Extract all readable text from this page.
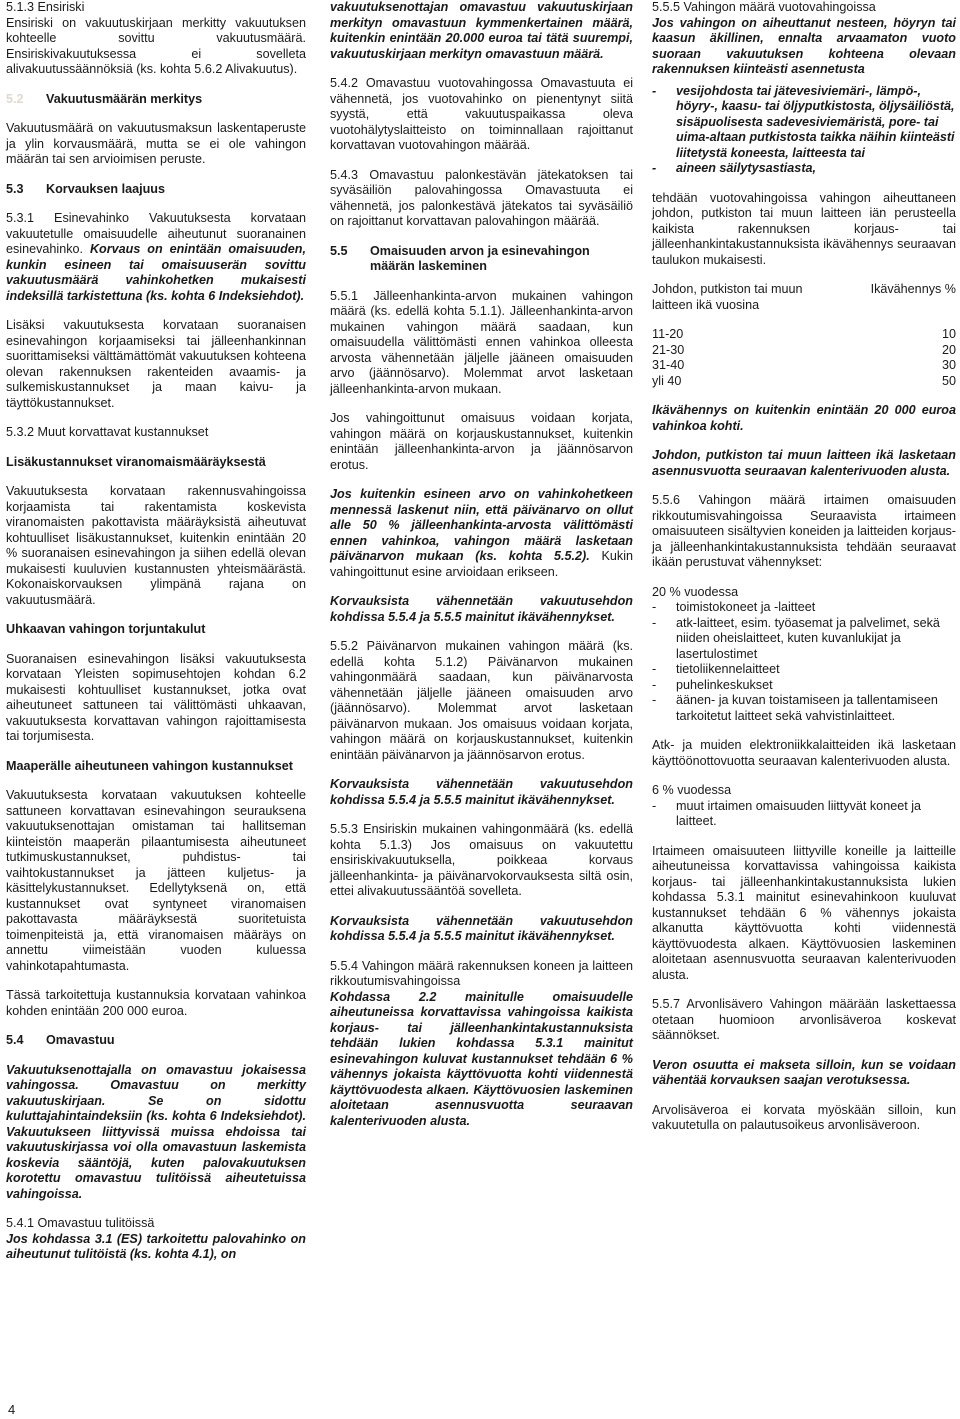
5.1.3 Ensiriski
Ensiriski on vakuutuskirjaan merkitty vakuutuksen kohteelle sovittu vakuutusmäärä. Ensiriskivakuutuksessa ei sovelleta alivakuutussäännöksiä (ks. kohta 5.6.2 Alivakuutus).

5.2	Vakuutusmäärän merkitys

Vakuutusmäärä on vakuutusmaksun laskentaperuste ja ylin korvausmäärä, mutta se ei ole vahingon määrän tai sen arvioimisen peruste.

5.3	Korvauksen laajuus

5.3.1 Esinevahinko Vakuutuksesta korvataan vakuutetulle omaisuudelle aiheutunut suoranainen esinevahinko. Korvaus on enintään omaisuuden, kunkin esineen tai omaisuuserän sovittu vakuutusmäärä vahinkohetken mukaisesti indeksillä tarkistettuna (ks. kohta 6 Indeksiehdot).

Lisäksi vakuutuksesta korvataan suoranaisen esinevahingon korjaamiseksi tai jälleenhankinnan suorittamiseksi välttämättömät vakuutuksen kohteena olevan rakennuksen rakenteiden avaamis- ja sulkemiskustannukset ja maan kaivu- ja täyttökustannukset.

5.3.2 Muut korvattavat kustannukset

Lisäkustannukset viranomaismääräyksestä

Vakuutuksesta korvataan rakennusvahingoissa korjaamista tai rakentamista koskevista viranomaisten pakottavista määräyksistä aiheutuvat kohtuulliset lisäkustannukset, kuitenkin enintään 20 % suoranaisen esinevahingon ja siihen edellä olevan mukaisesti kuuluvien kustannusten yhteismäärästä. Kokonaiskorvauksen ylimpänä rajana on vakuutusmäärä.

Uhkaavan vahingon torjuntakulut

Suoranaisen esinevahingon lisäksi vakuutuksesta korvataan Yleisten sopimusehtojen kohdan 6.2 mukaisesti kohtuulliset kustannukset, jotka ovat aiheutuneet sattuneen tai välittömästi uhkaavan, vakuutuksesta korvattavan vahingon rajoittamisesta tai torjumisesta.

Maaperälle aiheutuneen vahingon kustannukset

Vakuutuksesta korvataan vakuutuksen kohteelle sattuneen korvattavan esinevahingon seurauksena vakuutuksenottajan omistaman tai hallitseman kiinteistön maaperän pilaantumisesta aiheutuneet tutkimuskustannukset, puhdistus- tai vaihtokustannukset ja jätteen kuljetus- ja käsittelykustannukset. Edellytyksenä on, että kustannukset ovat syntyneet viranomaisen pakottavasta määräyksestä suoritetuista toimenpiteistä ja, että viranomaisen määräys on annettu viimeistään vuoden kuluessa vahinkotapahtumasta.

Tässä tarkoitettuja kustannuksia korvataan vahinkoa kohden enintään 200 000 euroa.

5.4	Omavastuu

Vakuutuksenottajalla on omavastuu jokaisessa vahingossa. Omavastuu on merkitty vakuutuskirjaan. Se on sidottu kuluttajahintaindeksiin (ks. kohta 6 Indeksiehdot). Vakuutukseen liittyvissä muissa ehdoissa tai vakuutuskirjassa voi olla omavastuun laskemista koskevia sääntöjä, kuten palovakuutuksen korotettu omavastuu tulitöissä aiheutetuissa vahingoissa.

5.4.1 Omavastuu tulitöissä
Jos kohdassa 3.1 (ES) tarkoitettu palovahinko on aiheutunut tulitöistä (ks. kohta 4.1), on

vakuutuksenottajan omavastuu vakuutuskirjaan merkityn omavastuun kymmenkertainen määrä, kuitenkin enintään 20.000 euroa tai tätä suurempi, vakuutuskirjaan merkityn omavastuun määrä.

5.4.2 Omavastuu vuotovahingossa Omavastuuta ei vähennetä, jos vuotovahinko on pienentynyt siitä syystä, että vakuutuspaikassa oleva vuotohälytyslaitteisto on toiminnallaan rajoittanut korvattavan vuotovahingon määrää.

5.4.3 Omavastuu palonkestävän jätekatoksen tai syväsäiliön palovahingossa Omavastuuta ei vähennetä, jos palonkestävä jätekatos tai syväsäiliö on rajoittanut korvattavan palovahingon määrää.

5.5	Omaisuuden arvon ja esinevahingon määrän laskeminen

5.5.1 Jälleenhankinta-arvon mukainen vahingon määrä (ks. edellä kohta 5.1.1). Jälleenhankinta-arvon mukainen vahingon määrä saadaan, kun omaisuudella välittömästi ennen vahinkoa olleesta arvosta vähennetään jäljelle jääneen omaisuuden arvo (jäännösarvo). Molemmat arvot lasketaan jälleenhankinta-arvon mukaan.

Jos vahingoittunut omaisuus voidaan korjata, vahingon määrä on korjauskustannukset, kuitenkin enintään jälleenhankinta-arvon ja jäännösarvon erotus.

Jos kuitenkin esineen arvo on vahinkohetkeen mennessä laskenut niin, että päivänarvo on ollut alle 50 % jälleenhankinta-arvosta välittömästi ennen vahinkoa, vahingon määrä lasketaan päivänarvon mukaan (ks. kohta 5.5.2). Kukin vahingoittunut esine arvioidaan erikseen.

Korvauksista vähennetään vakuutusehdon kohdissa 5.5.4 ja 5.5.5 mainitut ikävähennykset.

5.5.2 Päivänarvon mukainen vahingon määrä (ks. edellä kohta 5.1.2) Päivänarvon mukainen vahingonmäärä saadaan, kun päivänarvosta vähennetään jäljelle jääneen omaisuuden arvo (jäännösarvo). Molemmat arvot lasketaan päivänarvon mukaan. Jos omaisuus voidaan korjata, vahingon määrä on korjauskustannukset, kuitenkin enintään päivänarvon ja jäännösarvon erotus.

Korvauksista vähennetään vakuutusehdon kohdissa 5.5.4 ja 5.5.5 mainitut ikävähennykset.

5.5.3 Ensiriskin mukainen vahingonmäärä (ks. edellä kohta 5.1.3) Jos omaisuus on vakuutettu ensiriskivakuutuksella, poikkeaa korvaus jälleenhankinta- ja päivänarvokorvauksesta siltä osin, ettei alivakuutussääntöä sovelleta.

Korvauksista vähennetään vakuutusehdon kohdissa 5.5.4 ja 5.5.5 mainitut ikävähennykset.

5.5.4 Vahingon määrä rakennuksen koneen ja laitteen rikkoutumisvahingoissa
Kohdassa 2.2 mainitulle omaisuudelle aiheutuneissa korvattavissa vahingoissa kaikista korjaus- tai jälleenhankintakustannuksista tehdään lukien kohdassa 5.3.1 mainitut esinevahingon kuluvat kustannukset tehdään 6 % vähennys jokaista käyttövuotta kohti viidennestä käyttövuodesta alkaen. Käyttövuosien laskeminen aloitetaan asennusvuotta seuraavan kalenterivuoden alusta.

5.5.5 Vahingon määrä vuotovahingoissa
Jos vahingon on aiheuttanut nesteen, höyryn tai kaasun äkillinen, ennalta arvaamaton vuoto suoraan vakuutuksen kohteena olevaan rakennuksen kiinteästi asennetusta

- vesijohdosta tai jätevesiviemäri-, lämpö-, höyry-, kaasu- tai öljyputkistosta, öljysäiliöstä, sisäpuolisesta sadevesiviemäristä, pore- tai uima-altaan putkistosta taikka näihin kiinteästi liitetystä koneesta, laitteesta tai
- aineen säilytysastiasta,

tehdään vuotovahingoissa vahingon aiheuttaneen johdon, putkiston tai muun laitteen iän perusteella kaikista rakennuksen korjaus- tai jälleenhankintakustannuksista ikävähennys seuraavan taulukon mukaisesti.

Johdon, putkiston tai muun laitteen ikä vuosina	Ikävähennys %

11-20	10
21-30	20
31-40	30
yli 40	50

Ikävähennys on kuitenkin enintään 20 000 euroa vahinkoa kohti.

Johdon, putkiston tai muun laitteen ikä lasketaan asennusvuotta seuraavan kalenterivuoden alusta.

5.5.6 Vahingon määrä irtaimen omaisuuden rikkoutumisvahingoissa Seuraavista irtaimeen omaisuuteen sisältyvien koneiden ja laitteiden korjaus- ja jälleenhankintakustannuksista tehdään seuraavat ikään perustuvat vähennykset:

20 % vuodessa

- toimistokoneet ja -laitteet
- atk-laitteet, esim. työasemat ja palvelimet, sekä niiden oheislaitteet, kuten kuvanlukijat ja lasertulostimet
- tietoliikennelaitteet
- puhelinkeskukset
- äänen- ja kuvan toistamiseen ja tallentamiseen tarkoitetut laitteet sekä vahvistinlaitteet.

Atk- ja muiden elektroniikkalaitteiden ikä lasketaan käyttöönottovuotta seuraavan kalenterivuoden alusta.

6 % vuodessa

- muut irtaimen omaisuuden liittyvät koneet ja laitteet.

Irtaimeen omaisuuteen liittyville koneille ja laitteille aiheutuneissa korvattavissa vahingoissa kaikista korjaus- tai jälleenhankintakustannuksista lukien kohdassa 5.3.1 mainitut esinevahinkoon kuuluvat kustannukset tehdään 6 % vähennys jokaista alkanutta käyttövuotta kohti viidennestä käyttövuodesta alkaen. Käyttövuosien laskeminen aloitetaan asennusvuotta seuraavan kalenterivuoden alusta.

5.5.7 Arvonlisävero Vahingon määrään laskettaessa otetaan huomioon arvonlisäveroa koskevat säännökset.

Veron osuutta ei makseta silloin, kun se voidaan vähentää korvauksen saajan verotuksessa.

Arvolisäveroa ei korvata myöskään silloin, kun vakuutetulla on palautusoikeus arvonlisäveroon.

4
